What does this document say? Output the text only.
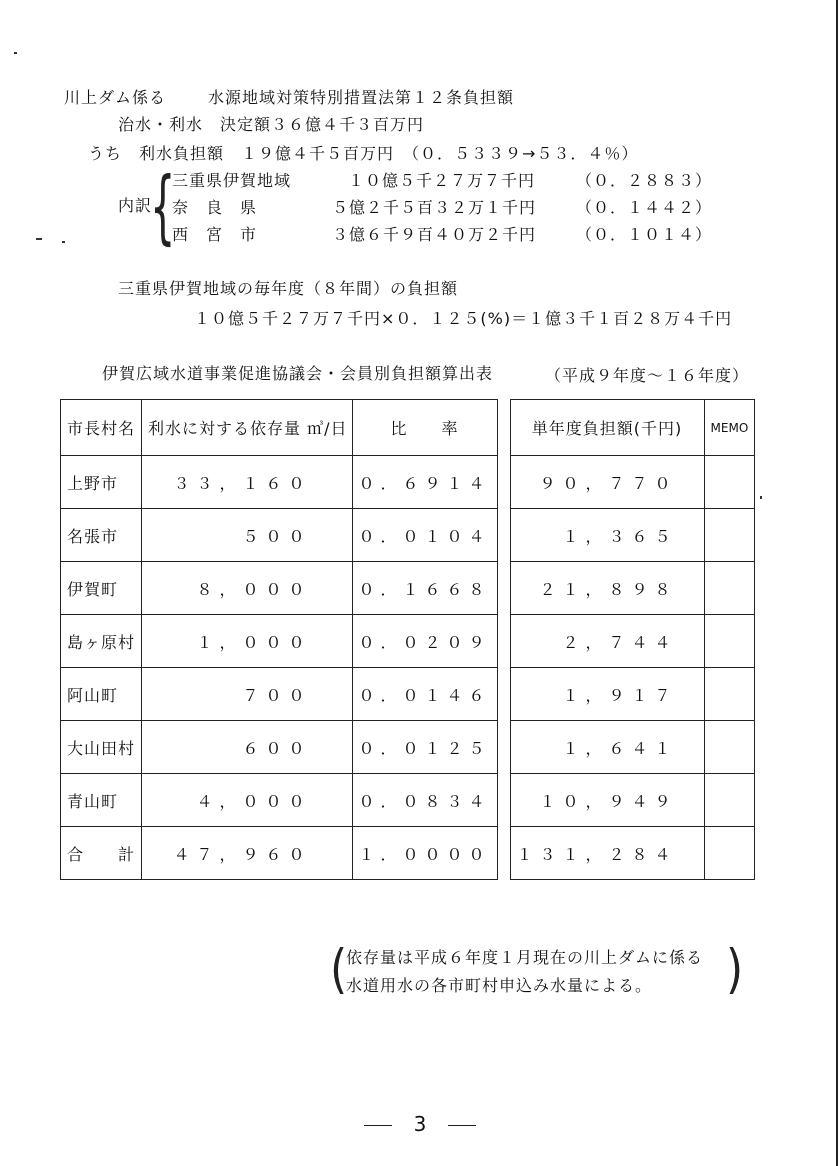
川上ダム係る	水源地域対策特別措置法第１２条負担額
治水・利水　決定額３６億４千３百万円
うち　利水負担額　１９億４千５百万円　（０．５３３９→５３．４％）
内訳
{
三重県伊賀地域	１０億５千２７万７千円	（０．２８８３）
奈　良　県	５億２千５百３２万１千円 （０．１４４２）
西　宮　市	３億６千９百４０万２千円 （０．１０１４）
三重県伊賀地域の毎年度（８年間）の負担額
１０億５千２７万７千円×０．１２５(%)＝１億３千１百２８万４千円
伊賀広域水道事業促進協議会・会員別負担額算出表	（平成９年度～１６年度）
市長村名	利水に対する依存量 ㎥/日	比　　率		単年度負担額(千円)	MEMO
上野市	３３，１６０	０．６９１４		９０，７７０	
名張市	５００	０．０１０４		１，３６５	
伊賀町	８，０００	０．１６６８		２１，８９８	
島ヶ原村	１，０００	０．０２０９		２，７４４	
阿山町	７００	０．０１４６		１，９１７	
大山田村	６００	０．０１２５		１，６４１	
青山町	４，０００	０．０８３４		１０，９４９	
合　　計	４７，９６０	１．００００		１３１，２８４	
(
依存量は平成６年度１月現在の川上ダムに係る
水道用水の各市町村申込み水量による。	)
3
